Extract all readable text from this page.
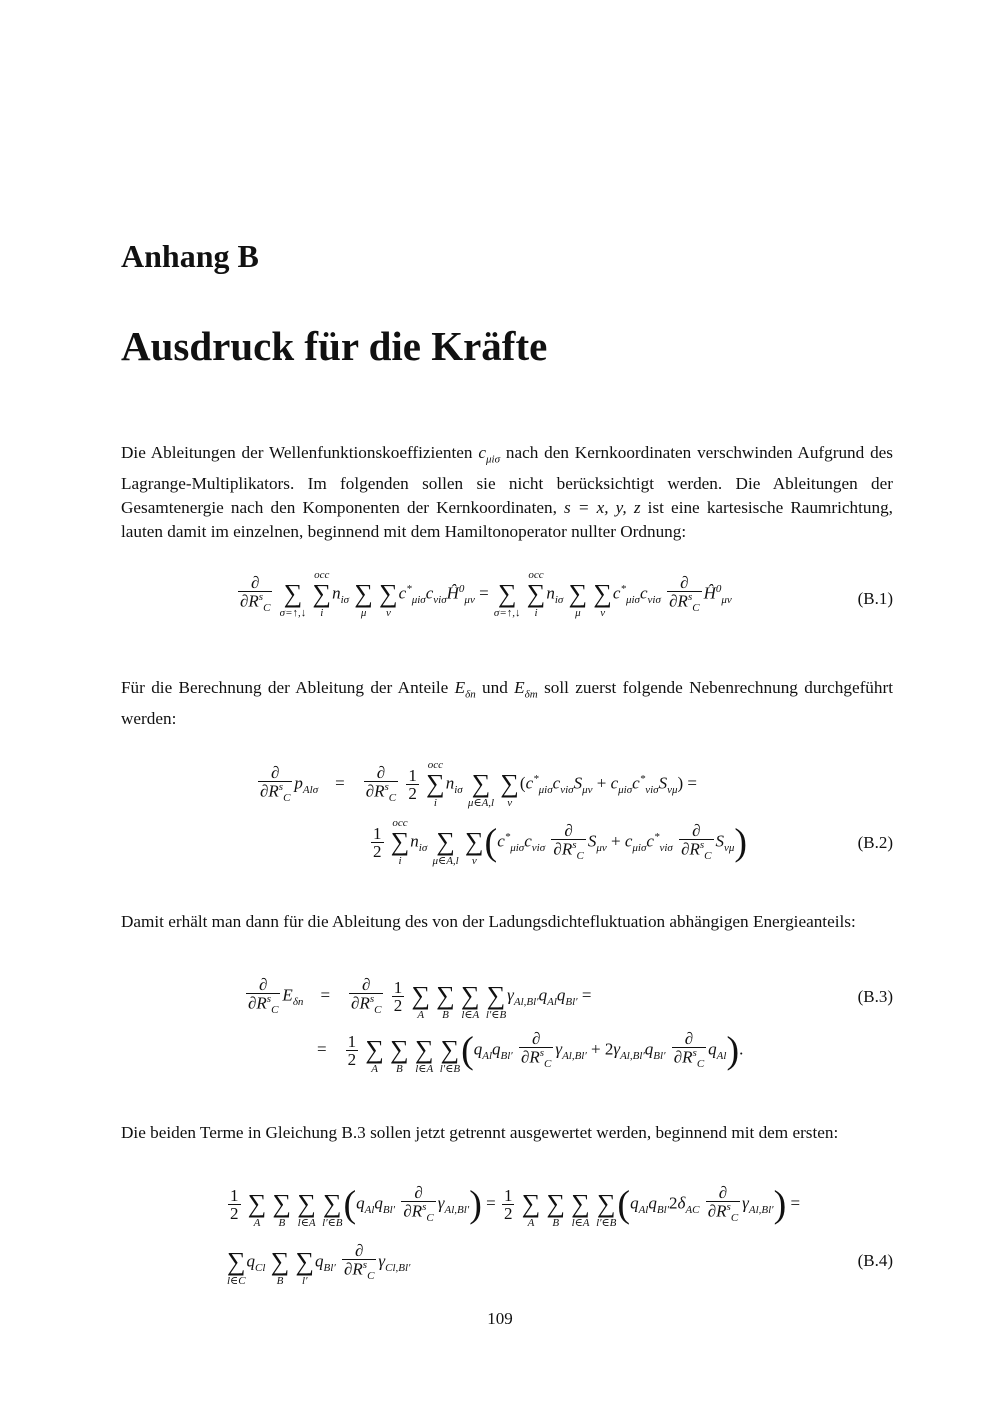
Anhang B
Ausdruck für die Kräfte

Die Ableitungen der Wellenfunktionskoeffizienten $c_{\mu i\sigma}$ nach den Kernkoordinaten verschwinden Aufgrund des Lagrange-Multiplikators. Im folgenden sollen sie nicht berücksichtigt werden. Die Ableitungen der Gesamtenergie nach den Komponenten der Kernkoordinaten, s = x, y, z ist eine kartesische Raumrichtung, lauten damit im einzelnen, beginnend mit dem Hamiltonoperator nullter Ordnung:

$\frac{\partial}{\partial R^s_C}$

∑
σ=↑,↓

occ
∑
i
$n_{i\sigma}$
∑
μ

∑
ν
$c^*_{\mu i\sigma}c_{\nu i\sigma}Ĥ^0_{\mu\nu}$ =
∑
σ=↑,↓

occ
∑
i
$n_{i\sigma}$
∑
μ

∑
ν
$c^*_{\mu i\sigma}c_{\nu i\sigma} \frac{\partial}{\partial R^s_C}$ $Ĥ^0_{\mu\nu}$	(B.1)

Für die Berechnung der Ableitung der Anteile $E_{\delta n}$ und $E_{\delta m}$ soll zuerst folgende Nebenrechnung durchgeführt werden:

$\frac{\partial}{\partial R^s_C} p_{Al\sigma}$    = $\frac{\partial}{\partial R^s_C}$
$\frac{1}{2}$

occ
∑
i
$n_{i\sigma}$
∑
μ∈A,l

∑
ν
$(c^*_{\mu i\sigma}c_{\nu i\sigma}S_{\mu\nu} + c_{\mu i\sigma}c^*_{\nu i\sigma}S_{\nu\mu})$ =
$\frac{1}{2}$

occ
∑
i
$n_{i\sigma}$
∑
μ∈A,l

∑
ν $(c^*_{\mu i\sigma}c_{\nu i\sigma} \frac{\partial}{\partial R^s_C} S_{\mu\nu} + c_{\mu i\sigma}c^*_{\nu i\sigma} \frac{\partial}{\partial R^s_C} S_{\nu\mu})$	(B.2)

Damit erhält man dann für die Ableitung des von der Ladungsdichtefluktuation abhängigen Energieanteils:

$\frac{\partial}{\partial R^s_C} E_{\delta n}$    = $\frac{\partial}{\partial R^s_C}$
$\frac{1}{2}$

∑
A

∑
B

∑
l∈A

∑
l′∈B
$\gamma_{Al,Bl'}q_{Al}q_{Bl'}$ =
= $\frac{1}{2}$

∑
A

∑
B

∑
l∈A

∑
l′∈B $(q_{Al}q_{Bl'} \frac{\partial}{\partial R^s_C} \gamma_{Al,Bl'} + 2\gamma_{Al,Bl'}q_{Bl'} \frac{\partial}{\partial R^s_C} q_{Al})$.
(B.3)

Die beiden Terme in Gleichung B.3 sollen jetzt getrennt ausgewertet werden, beginnend mit dem ersten:

$\frac{1}{2}$

∑
A

∑
B

∑
l∈A

∑
l′∈B $(q_{Al}q_{Bl'} \frac{\partial}{\partial R^s_C} \gamma_{Al,Bl'}) = \frac{1}{2}$

∑
A

∑
B

∑
l∈A

∑
l′∈B $(q_{Al}q_{Bl'}2\delta_{AC} \frac{\partial}{\partial R^s_C} \gamma_{Al,Bl'})$ =

∑
l∈C
$q_{Cl}$
∑
B

∑
l′
$q_{Bl'} \frac{\partial}{\partial R^s_C} \gamma_{Cl,Bl'}$	(B.4)
109
